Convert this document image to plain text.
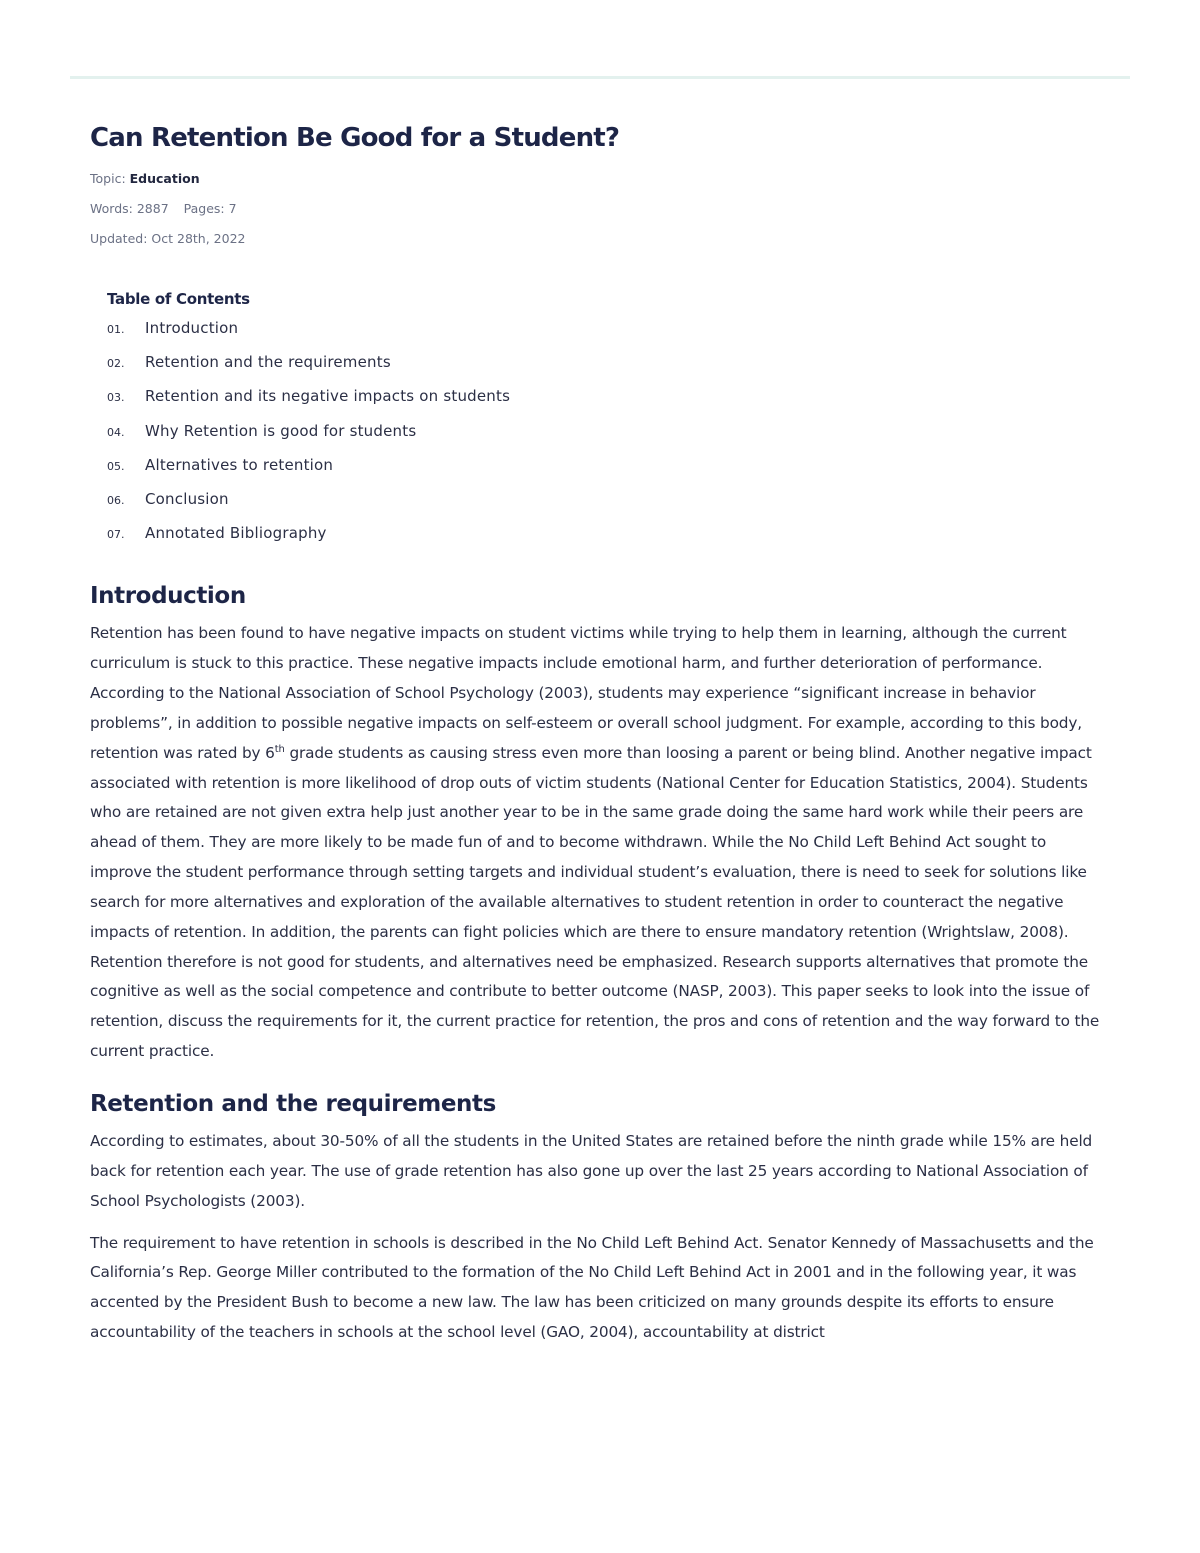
Can Retention Be Good for a Student?
Topic: Education
Words: 2887 Pages: 7
Updated: Oct 28th, 2022
Table of Contents
01.	Introduction
02.	Retention and the requirements
03.	Retention and its negative impacts on students
04.	Why Retention is good for students
05.	Alternatives to retention
06.	Conclusion
07.	Annotated Bibliography
Introduction

Retention has been found to have negative impacts on student victims while trying to help them in learning, although the current curriculum is stuck to this practice. These negative impacts include emotional harm, and further deterioration of performance. According to the National Association of School Psychology (2003), students may experience “significant increase in behavior problems”, in addition to possible negative impacts on self-esteem or overall school judgment. For example, according to this body, retention was rated by 6th grade students as causing stress even more than loosing a parent or being blind. Another negative impact associated with retention is more likelihood of drop outs of victim students (National Center for Education Statistics, 2004). Students who are retained are not given extra help just another year to be in the same grade doing the same hard work while their peers are ahead of them. They are more likely to be made fun of and to become withdrawn. While the No Child Left Behind Act sought to improve the student performance through setting targets and individual student’s evaluation, there is need to seek for solutions like search for more alternatives and exploration of the available alternatives to student retention in order to counteract the negative impacts of retention. In addition, the parents can fight policies which are there to ensure mandatory retention (Wrightslaw, 2008). Retention therefore is not good for students, and alternatives need be emphasized. Research supports alternatives that promote the cognitive as well as the social competence and contribute to better outcome (NASP, 2003). This paper seeks to look into the issue of retention, discuss the requirements for it, the current practice for retention, the pros and cons of retention and the way forward to the current practice.

Retention and the requirements

According to estimates, about 30-50% of all the students in the United States are retained before the ninth grade while 15% are held back for retention each year. The use of grade retention has also gone up over the last 25 years according to National Association of School Psychologists (2003).

The requirement to have retention in schools is described in the No Child Left Behind Act. Senator Kennedy of Massachusetts and the California’s Rep. George Miller contributed to the formation of the No Child Left Behind Act in 2001 and in the following year, it was accented by the President Bush to become a new law. The law has been criticized on many grounds despite its efforts to ensure accountability of the teachers in schools at the school level (GAO, 2004), accountability at district
